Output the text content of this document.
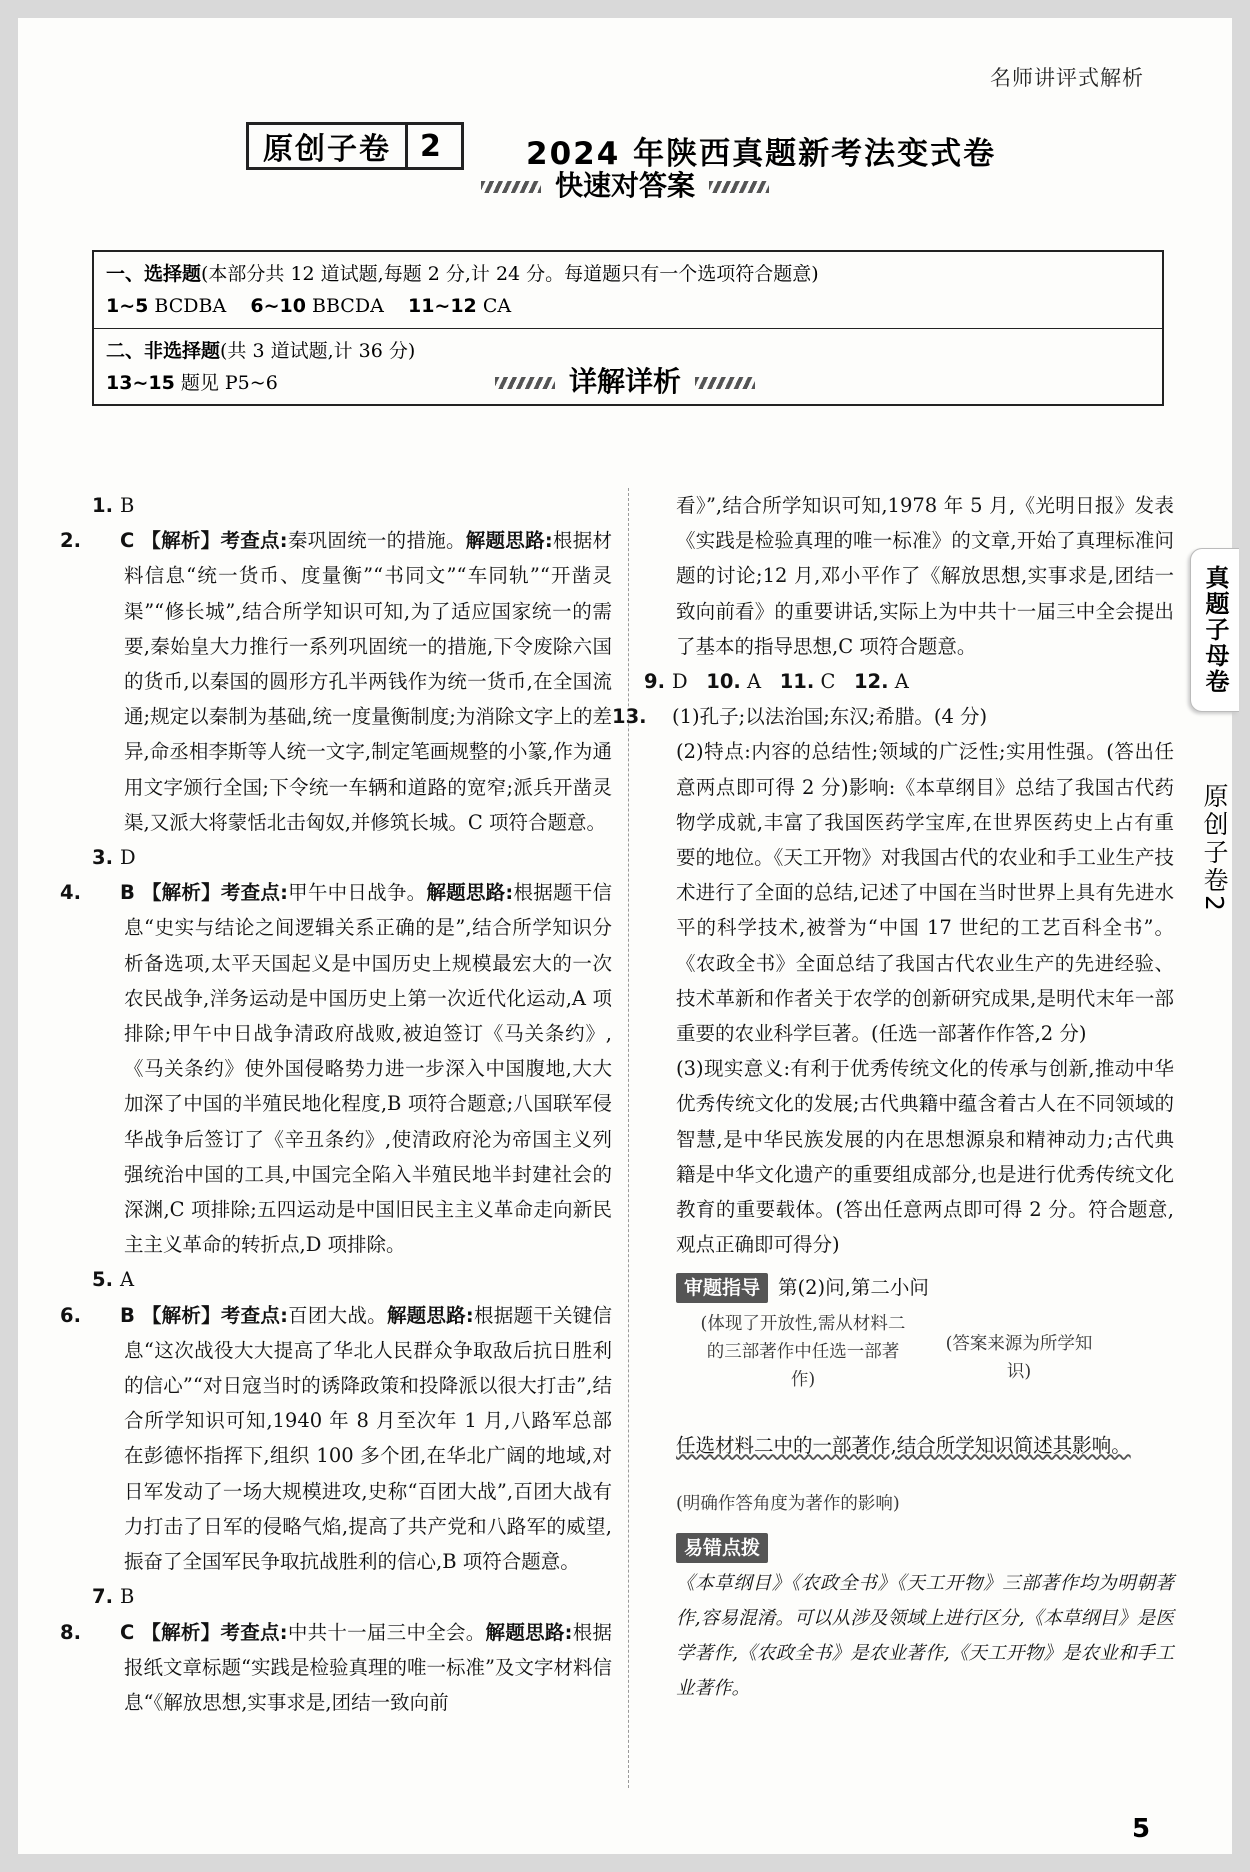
名师讲评式解析
原创子卷 2	2024 年陕西真题新考法变式卷
快速对答案
一、选择题(本部分共 12 道试题,每题 2 分,计 24 分。每道题只有一个选项符合题意)
1~5 BCDBA 6~10 BBCDA 11~12 CA
二、非选择题(共 3 道试题,计 36 分)
13~15 题见 P5~6	详解详析
1. B
2. C 【解析】考查点:秦巩固统一的措施。解题思路:根据材料信息“统一货币、度量衡”“书同文”“车同轨”“开凿灵渠”“修长城”,结合所学知识可知,为了适应国家统一的需要,秦始皇大力推行一系列巩固统一的措施,下令废除六国的货币,以秦国的圆形方孔半两钱作为统一货币,在全国流通;规定以秦制为基础,统一度量衡制度;为消除文字上的差异,命丞相李斯等人统一文字,制定笔画规整的小篆,作为通用文字颁行全国;下令统一车辆和道路的宽窄;派兵开凿灵渠,又派大将蒙恬北击匈奴,并修筑长城。C 项符合题意。
3. D
4. B 【解析】考查点:甲午中日战争。解题思路:根据题干信息“史实与结论之间逻辑关系正确的是”,结合所学知识分析备选项,太平天国起义是中国历史上规模最宏大的一次农民战争,洋务运动是中国历史上第一次近代化运动,A 项排除;甲午中日战争清政府战败,被迫签订《马关条约》,《马关条约》使外国侵略势力进一步深入中国腹地,大大加深了中国的半殖民地化程度,B 项符合题意;八国联军侵华战争后签订了《辛丑条约》,使清政府沦为帝国主义列强统治中国的工具,中国完全陷入半殖民地半封建社会的深渊,C 项排除;五四运动是中国旧民主主义革命走向新民主主义革命的转折点,D 项排除。
5. A
6. B 【解析】考查点:百团大战。解题思路:根据题干关键信息“这次战役大大提高了华北人民群众争取敌后抗日胜利的信心”“对日寇当时的诱降政策和投降派以很大打击”,结合所学知识可知,1940 年 8 月至次年 1 月,八路军总部在彭德怀指挥下,组织 100 多个团,在华北广阔的地域,对日军发动了一场大规模进攻,史称“百团大战”,百团大战有力打击了日军的侵略气焰,提高了共产党和八路军的威望,振奋了全国军民争取抗战胜利的信心,B 项符合题意。
7. B
8. C 【解析】考查点:中共十一届三中全会。解题思路:根据报纸文章标题“实践是检验真理的唯一标准”及文字材料信息“《解放思想,实事求是,团结一致向前
看》”,结合所学知识可知,1978 年 5 月,《光明日报》发表《实践是检验真理的唯一标准》的文章,开始了真理标准问题的讨论;12 月,邓小平作了《解放思想,实事求是,团结一致向前看》的重要讲话,实际上为中共十一届三中全会提出了基本的指导思想,C 项符合题意。
9. D 10. A 11. C 12. A
13. (1)孔子;以法治国;东汉;希腊。(4 分)
(2)特点:内容的总结性;领域的广泛性;实用性强。(答出任意两点即可得 2 分)影响:《本草纲目》总结了我国古代药物学成就,丰富了我国医药学宝库,在世界医药史上占有重要的地位。《天工开物》对我国古代的农业和手工业生产技术进行了全面的总结,记述了中国在当时世界上具有先进水平的科学技术,被誉为“中国 17 世纪的工艺百科全书”。《农政全书》全面总结了我国古代农业生产的先进经验、技术革新和作者关于农学的创新研究成果,是明代末年一部重要的农业科学巨著。(任选一部著作作答,2 分)
(3)现实意义:有利于优秀传统文化的传承与创新,推动中华优秀传统文化的发展;古代典籍中蕴含着古人在不同领域的智慧,是中华民族发展的内在思想源泉和精神动力;古代典籍是中华文化遗产的重要组成部分,也是进行优秀传统文化教育的重要载体。(答出任意两点即可得 2 分。符合题意,观点正确即可得分)
审题指导 第(2)问,第二小问
(体现了开放性,需从材料二的三部著作中任选一部著作)
(答案来源为所学知识)
任选材料二中的一部著作,结合所学知识简述其影响。
(明确作答角度为著作的影响)
易错点拨
《本草纲目》《农政全书》《天工开物》三部著作均为明朝著作,容易混淆。可以从涉及领域上进行区分,《本草纲目》是医学著作,《农政全书》是农业著作,《天工开物》是农业和手工业著作。
真题子母卷
原创子卷2
5
